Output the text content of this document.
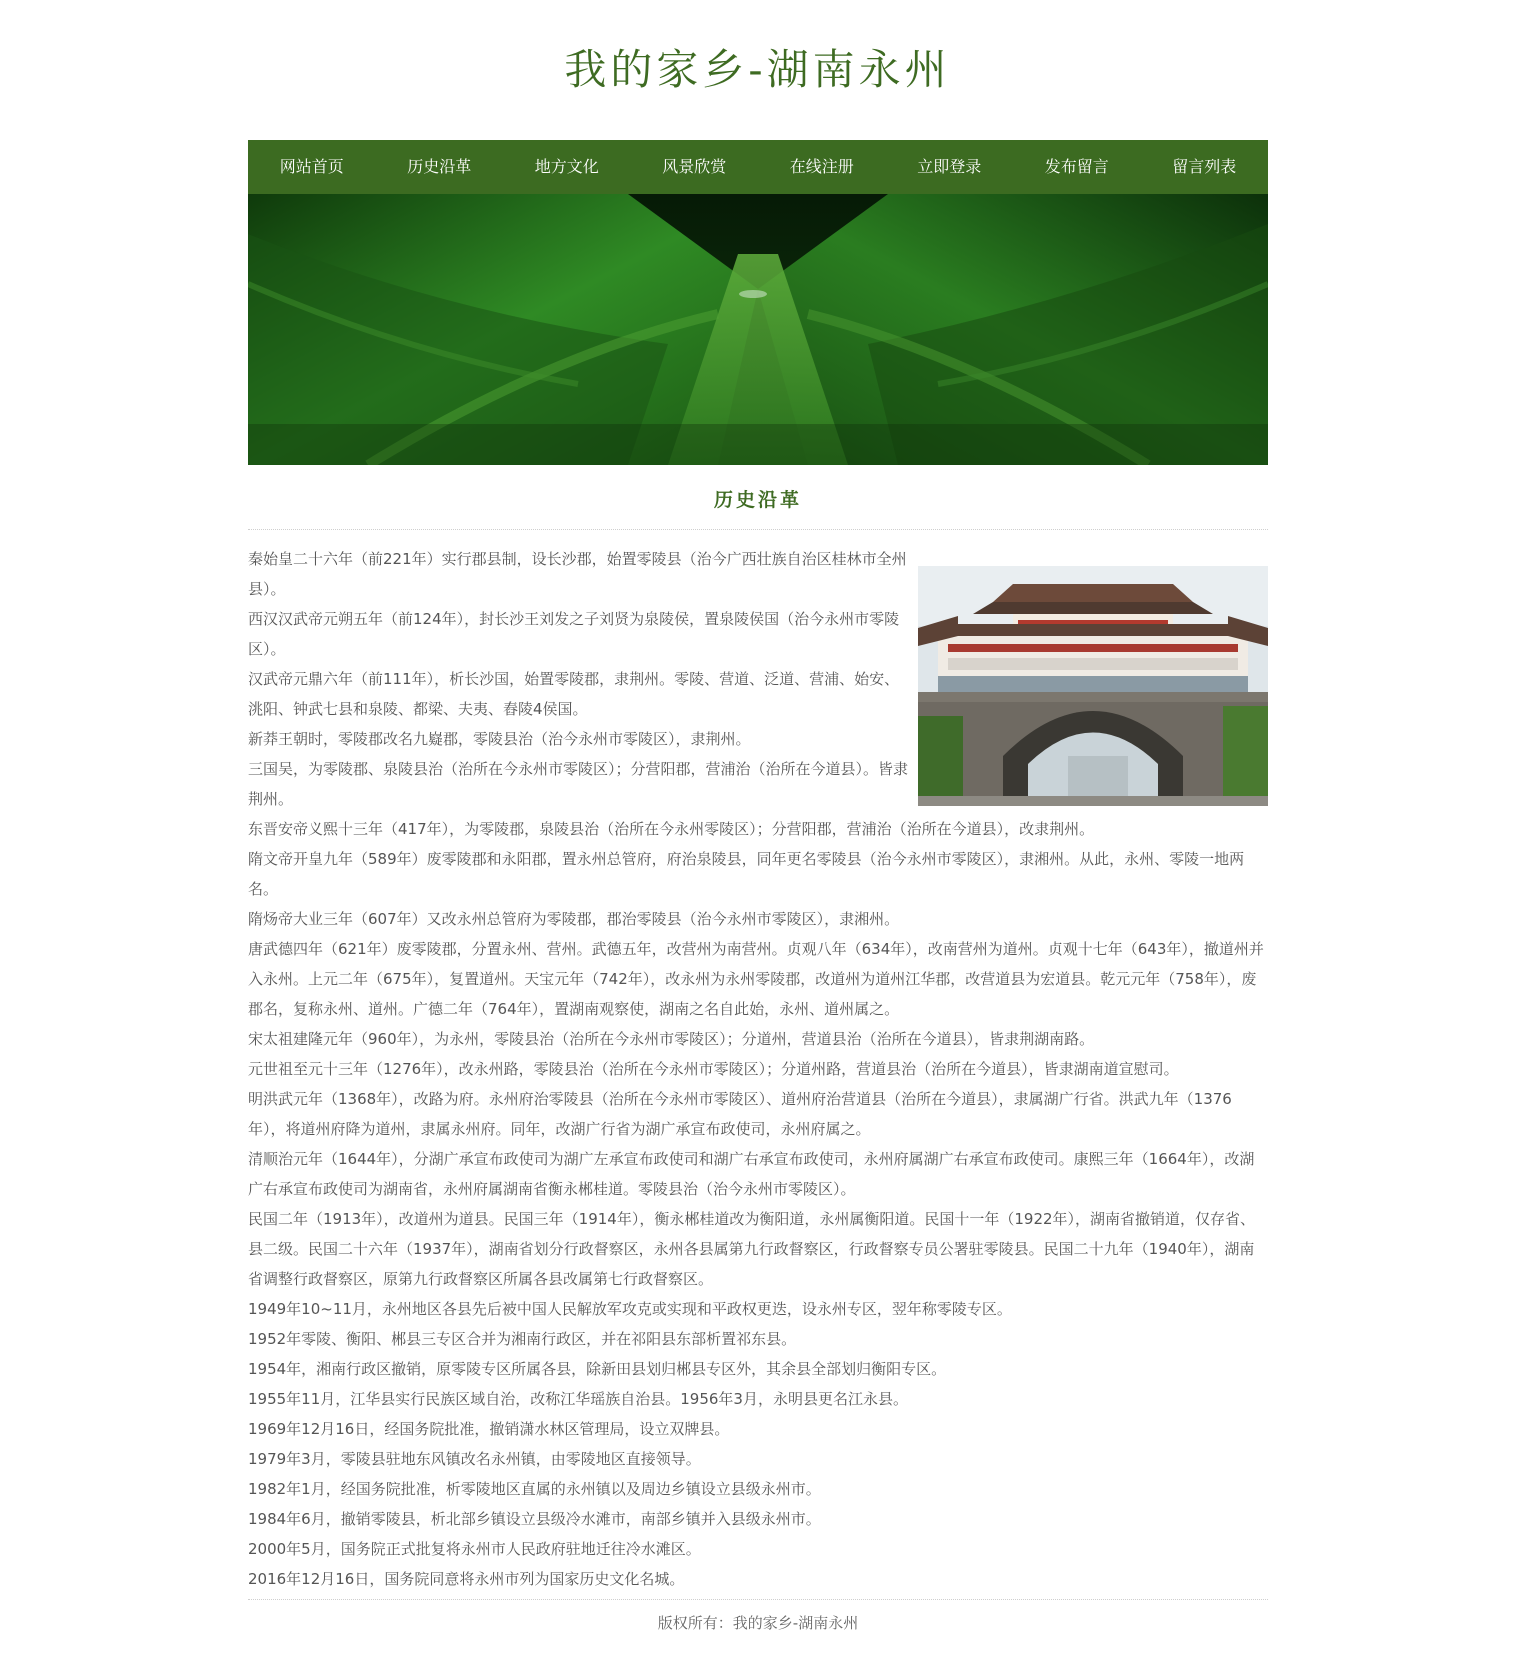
我的家乡-湖南永州
网站首页	历史沿革	地方文化	风景欣赏	在线注册	立即登录	发布留言	留言列表
历史沿革

秦始皇二十六年（前221年）实行郡县制，设长沙郡，始置零陵县（治今广西壮族自治区桂林市全州县）。

西汉汉武帝元朔五年（前124年），封长沙王刘发之子刘贤为泉陵侯，置泉陵侯国（治今永州市零陵区）。

汉武帝元鼎六年（前111年），析长沙国，始置零陵郡，隶荆州。零陵、营道、泛道、营浦、始安、洮阳、钟武七县和泉陵、都梁、夫夷、舂陵4侯国。

新莽王朝时，零陵郡改名九嶷郡，零陵县治（治今永州市零陵区），隶荆州。

三国吴，为零陵郡、泉陵县治（治所在今永州市零陵区）；分营阳郡，营浦治（治所在今道县）。皆隶荆州。

东晋安帝义熙十三年（417年），为零陵郡，泉陵县治（治所在今永州零陵区）；分营阳郡，营浦治（治所在今道县），改隶荆州。

隋文帝开皇九年（589年）废零陵郡和永阳郡，置永州总管府，府治泉陵县，同年更名零陵县（治今永州市零陵区），隶湘州。从此，永州、零陵一地两名。

隋炀帝大业三年（607年）又改永州总管府为零陵郡，郡治零陵县（治今永州市零陵区），隶湘州。

唐武德四年（621年）废零陵郡，分置永州、营州。武德五年，改营州为南营州。贞观八年（634年），改南营州为道州。贞观十七年（643年），撤道州并入永州。上元二年（675年），复置道州。天宝元年（742年），改永州为永州零陵郡，改道州为道州江华郡，改营道县为宏道县。乾元元年（758年），废郡名，复称永州、道州。广德二年（764年），置湖南观察使，湖南之名自此始，永州、道州属之。

宋太祖建隆元年（960年），为永州，零陵县治（治所在今永州市零陵区）；分道州，营道县治（治所在今道县），皆隶荆湖南路。

元世祖至元十三年（1276年），改永州路，零陵县治（治所在今永州市零陵区）；分道州路，营道县治（治所在今道县），皆隶湖南道宣慰司。

明洪武元年（1368年），改路为府。永州府治零陵县（治所在今永州市零陵区）、道州府治营道县（治所在今道县），隶属湖广行省。洪武九年（1376年），将道州府降为道州，隶属永州府。同年，改湖广行省为湖广承宣布政使司，永州府属之。

清顺治元年（1644年），分湖广承宣布政使司为湖广左承宣布政使司和湖广右承宣布政使司，永州府属湖广右承宣布政使司。康熙三年（1664年），改湖广右承宣布政使司为湖南省，永州府属湖南省衡永郴桂道。零陵县治（治今永州市零陵区）。

民国二年（1913年），改道州为道县。民国三年（1914年），衡永郴桂道改为衡阳道，永州属衡阳道。民国十一年（1922年），湖南省撤销道，仅存省、县二级。民国二十六年（1937年），湖南省划分行政督察区，永州各县属第九行政督察区，行政督察专员公署驻零陵县。民国二十九年（1940年），湖南省调整行政督察区，原第九行政督察区所属各县改属第七行政督察区。

1949年10~11月，永州地区各县先后被中国人民解放军攻克或实现和平政权更迭，设永州专区，翌年称零陵专区。

1952年零陵、衡阳、郴县三专区合并为湘南行政区，并在祁阳县东部析置祁东县。

1954年，湘南行政区撤销，原零陵专区所属各县，除新田县划归郴县专区外，其余县全部划归衡阳专区。

1955年11月，江华县实行民族区域自治，改称江华瑶族自治县。1956年3月，永明县更名江永县。

1969年12月16日，经国务院批准，撤销潇水林区管理局，设立双牌县。

1979年3月，零陵县驻地东风镇改名永州镇，由零陵地区直接领导。

1982年1月，经国务院批准，析零陵地区直属的永州镇以及周边乡镇设立县级永州市。

1984年6月，撤销零陵县，析北部乡镇设立县级冷水滩市，南部乡镇并入县级永州市。

2000年5月，国务院正式批复将永州市人民政府驻地迁往冷水滩区。

2016年12月16日，国务院同意将永州市列为国家历史文化名城。

版权所有：我的家乡-湖南永州
